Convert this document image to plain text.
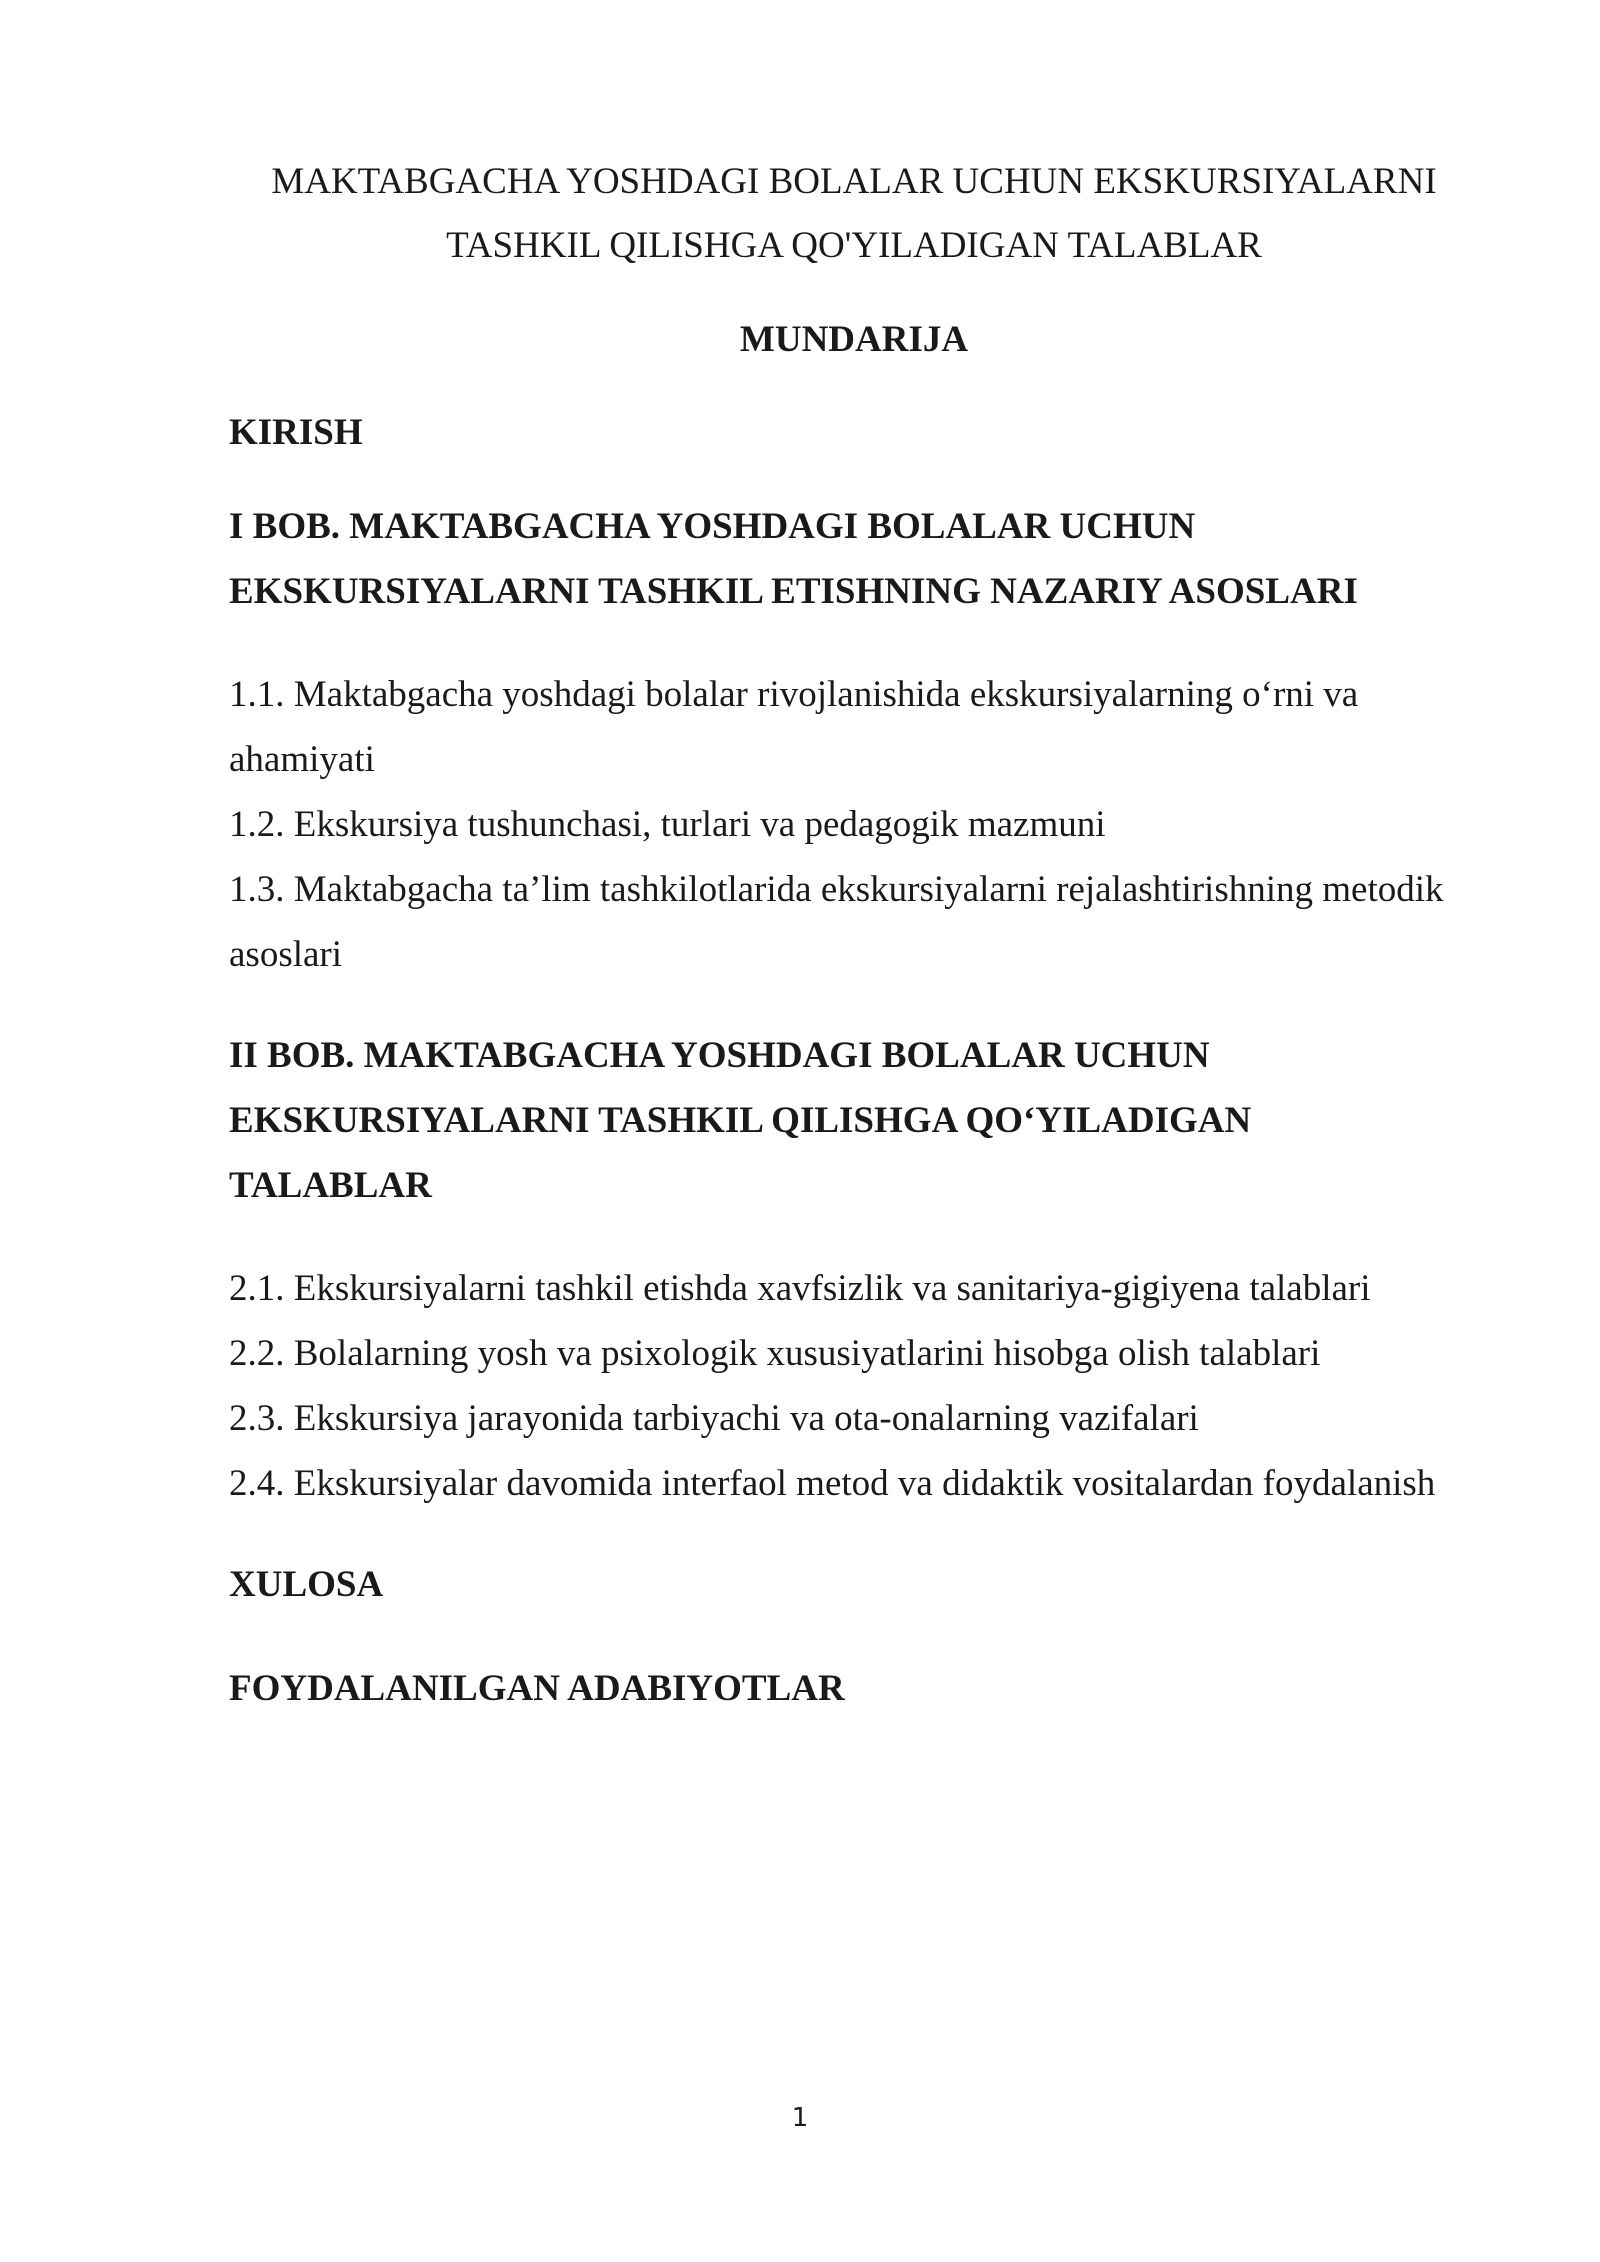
MAKTABGACHA YOSHDAGI BOLALAR UCHUN EKSKURSIYALARNI
TASHKIL QILISHGA QO'YILADIGAN TALABLAR
MUNDARIJA
KIRISH
I BOB. MAKTABGACHA YOSHDAGI BOLALAR UCHUN
EKSKURSIYALARNI TASHKIL ETISHNING NAZARIY ASOSLARI
1.1. Maktabgacha yoshdagi bolalar rivojlanishida ekskursiyalarning o‘rni va
ahamiyati
1.2. Ekskursiya tushunchasi, turlari va pedagogik mazmuni
1.3. Maktabgacha ta’lim tashkilotlarida ekskursiyalarni rejalashtirishning metodik
asoslari
II BOB. MAKTABGACHA YOSHDAGI BOLALAR UCHUN
EKSKURSIYALARNI TASHKIL QILISHGA QO‘YILADIGAN
TALABLAR
2.1. Ekskursiyalarni tashkil etishda xavfsizlik va sanitariya-gigiyena talablari
2.2. Bolalarning yosh va psixologik xususiyatlarini hisobga olish talablari
2.3. Ekskursiya jarayonida tarbiyachi va ota-onalarning vazifalari
2.4. Ekskursiyalar davomida interfaol metod va didaktik vositalardan foydalanish
XULOSA
FOYDALANILGAN ADABIYOTLAR
1
